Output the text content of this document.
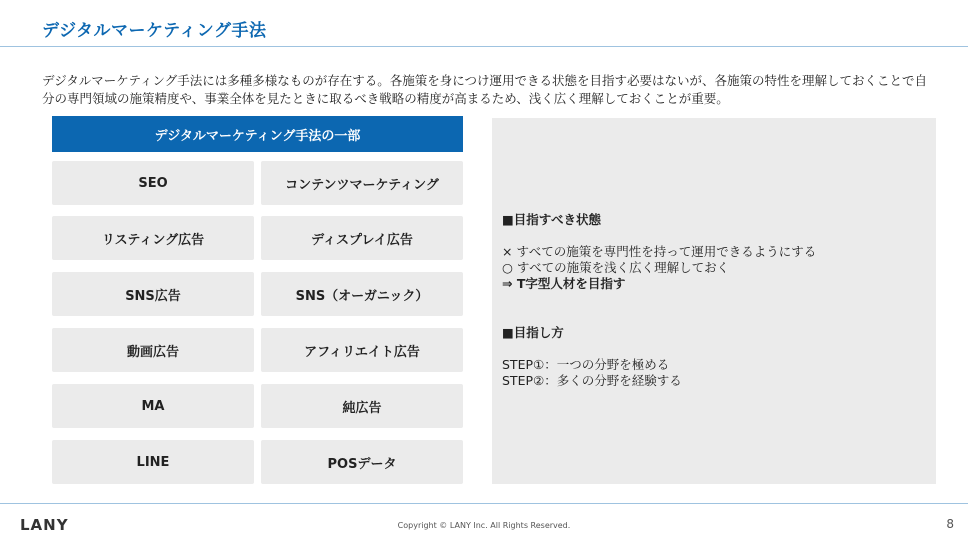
デジタルマーケティング手法

デジタルマーケティング手法には多種多様なものが存在する。各施策を身につけ運用できる状態を目指す必要はないが、各施策の特性を理解しておくことで自分の専門領域の施策精度や、事業全体を見たときに取るべき戦略の精度が高まるため、浅く広く理解しておくことが重要。

デジタルマーケティング手法の一部
SEO
リスティング広告
SNS広告
動画広告
MA
LINE
コンテンツマーケティング
ディスプレイ広告
SNS（オーガニック）
アフィリエイト広告
純広告
POSデータ
■目指すべき状態
× すべての施策を専門性を持って運用できるようにする
○ すべての施策を浅く広く理解しておく
⇒ T字型人材を目指す
■目指し方
STEP①：一つの分野を極める
STEP②：多くの分野を経験する
LANY	Copyright © LANY Inc. All Rights Reserved.	8
